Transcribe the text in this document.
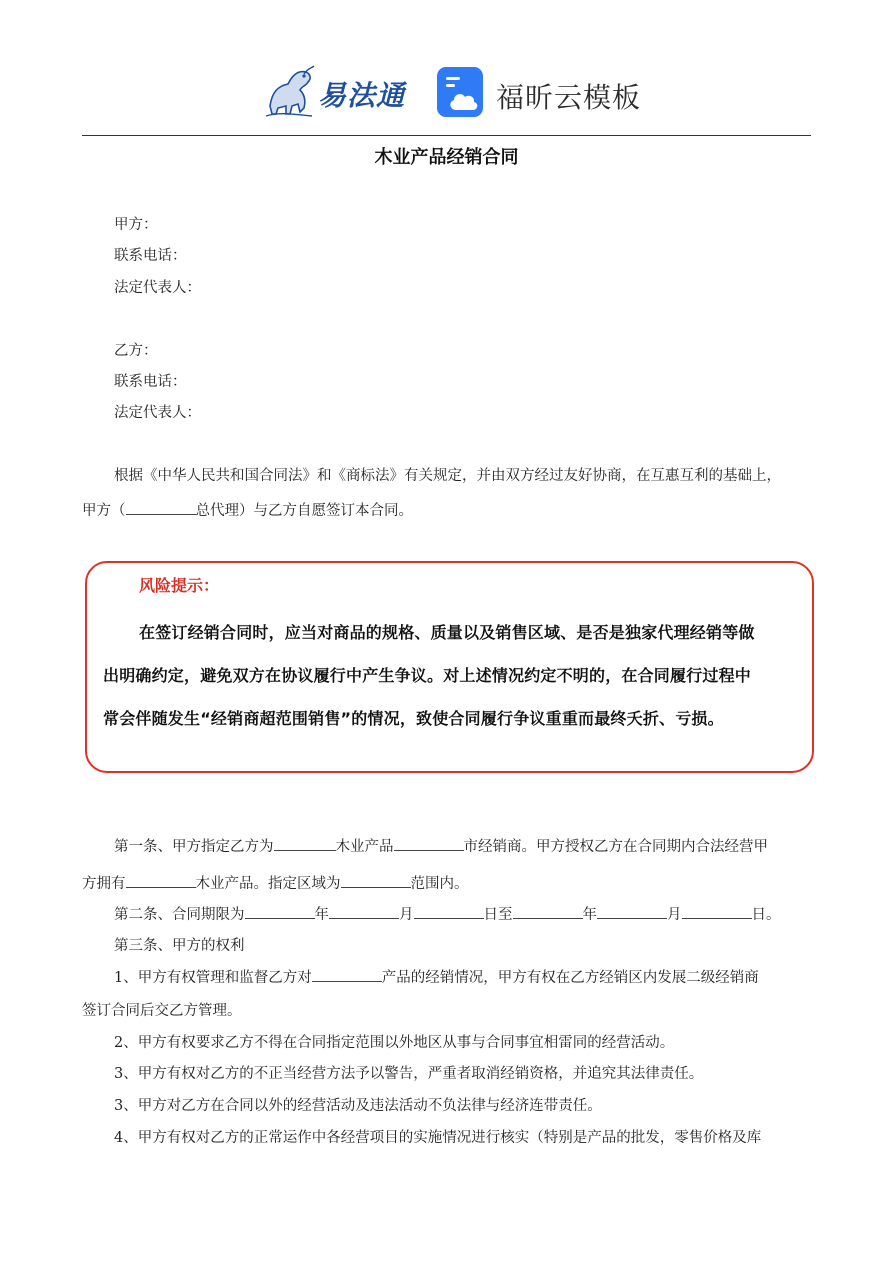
易法通	福昕云模板
木业产品经销合同
甲方：
联系电话：
法定代表人：
乙方：
联系电话：
法定代表人：
根据《中华人民共和国合同法》和《商标法》有关规定，并由双方经过友好协商，在互惠互利的基础上，
甲方（	总代理）与乙方自愿签订本合同。
风险提示：
在签订经销合同时，应当对商品的规格、质量以及销售区域、是否是独家代理经销等做
出明确约定，避免双方在协议履行中产生争议。对上述情况约定不明的，在合同履行过程中
常会伴随发生“经销商超范围销售”的情况，致使合同履行争议重重而最终夭折、亏损。
第一条、甲方指定乙方为	木业产品	市经销商。甲方授权乙方在合同期内合法经营甲
方拥有	木业产品。指定区域为	范围内。
第二条、合同期限为	年	月	日至	年	月	日。
第三条、甲方的权利
1、甲方有权管理和监督乙方对	产品的经销情况，甲方有权在乙方经销区内发展二级经销商
签订合同后交乙方管理。
2、甲方有权要求乙方不得在合同指定范围以外地区从事与合同事宜相雷同的经营活动。
3、甲方有权对乙方的不正当经营方法予以警告，严重者取消经销资格，并追究其法律责任。
3、甲方对乙方在合同以外的经营活动及违法活动不负法律与经济连带责任。
4、甲方有权对乙方的正常运作中各经营项目的实施情况进行核实（特别是产品的批发，零售价格及库
